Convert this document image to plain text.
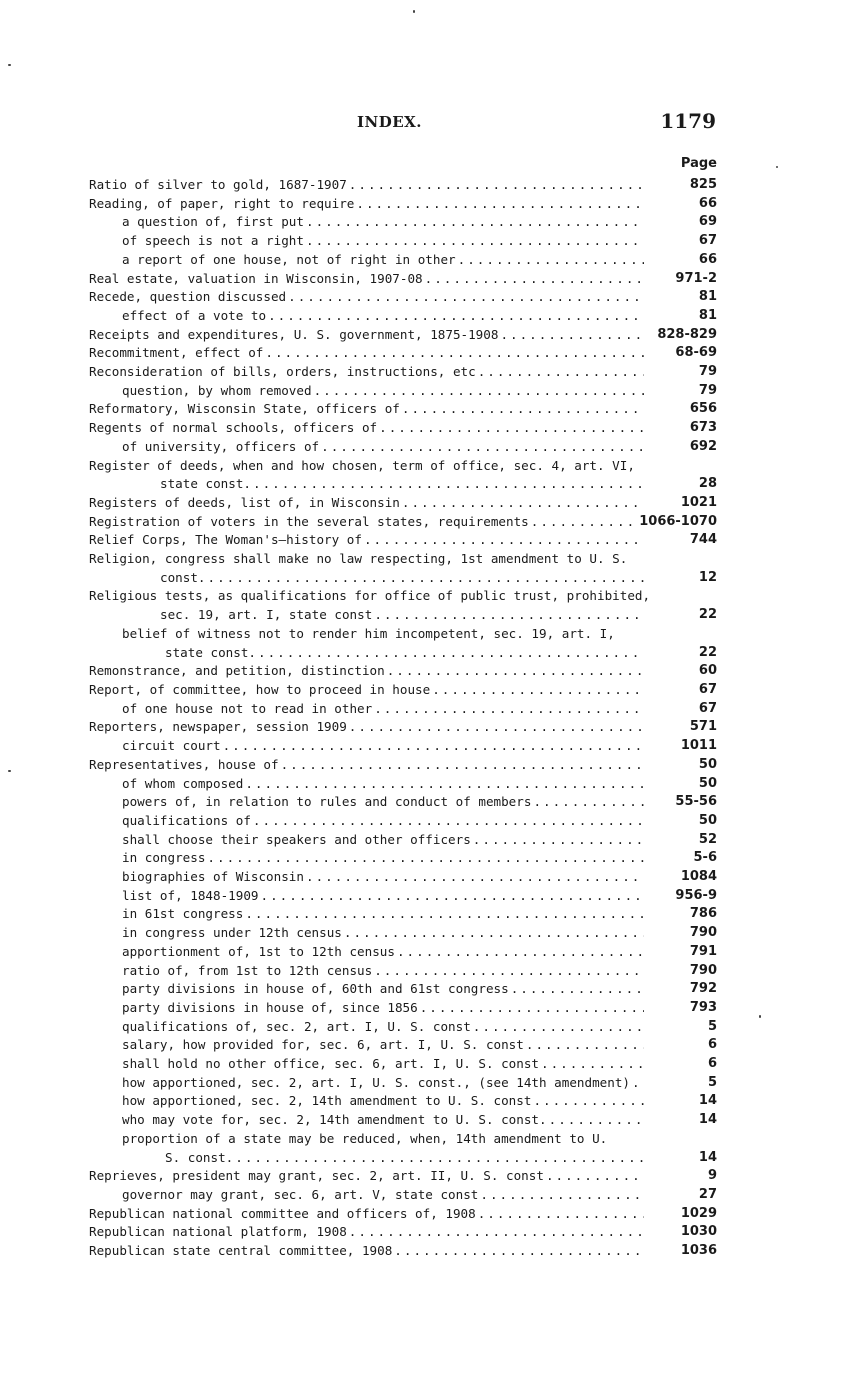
INDEX.	1179
Page
Ratio of silver to gold, 1687-1907 .....	825
Reading, of paper, right to require .....	66
a question of, first put .....	69
of speech is not a right .....	67
a report of one house, not of right in other .....	66
Real estate, valuation in Wisconsin, 1907-08 .....	971-2
Recede, question discussed .....	81
effect of a vote to .....	81
Receipts and expenditures, U. S. government, 1875-1908 .....	828-829
Recommitment, effect of .....	68-69
Reconsideration of bills, orders, instructions, etc .....	79
question, by whom removed .....	79
Reformatory, Wisconsin State, officers of .....	656
Regents of normal schools, officers of .....	673
of university, officers of .....	692
Register of deeds, when and how chosen, term of office, sec. 4, art. VI,
state const. .....	28
Registers of deeds, list of, in Wisconsin .....	1021
Registration of voters in the several states, requirements .....	1066-1070
Relief Corps, The Woman's—history of .....	744
Religion, congress shall make no law respecting, 1st amendment to U. S.
const. .....	12
Religious tests, as qualifications for office of public trust, prohibited,
sec. 19, art. I, state const .....	22
belief of witness not to render him incompetent, sec. 19, art. I,
state const. .....	22
Remonstrance, and petition, distinction .....	60
Report, of committee, how to proceed in house .....	67
of one house not to read in other .....	67
Reporters, newspaper, session 1909 .....	571
circuit court .....	1011
Representatives, house of .....	50
of whom composed .....	50
powers of, in relation to rules and conduct of members .....	55-56
qualifications of .....	50
shall choose their speakers and other officers .....	52
in congress .....	5-6
biographies of Wisconsin .....	1084
list of, 1848-1909 .....	956-9
in 61st congress .....	786
in congress under 12th census .....	790
apportionment of, 1st to 12th census .....	791
ratio of, from 1st to 12th census .....	790
party divisions in house of, 60th and 61st congress .....	792
party divisions in house of, since 1856 .....	793
qualifications of, sec. 2, art. I, U. S. const .....	5
salary, how provided for, sec. 6, art. I, U. S. const .....	6
shall hold no other office, sec. 6, art. I, U. S. const .....	6
how apportioned, sec. 2, art. I, U. S. const., (see 14th amendment) .....	5
how apportioned, sec. 2, 14th amendment to U. S. const .....	14
who may vote for, sec. 2, 14th amendment to U. S. const. .....	14
proportion of a state may be reduced, when, 14th amendment to U.
S. const. .....	14
Reprieves, president may grant, sec. 2, art. II, U. S. const .....	9
governor may grant, sec. 6, art. V, state const .....	27
Republican national committee and officers of, 1908 .....	1029
Republican national platform, 1908 .....	1030
Republican state central committee, 1908 .....	1036
